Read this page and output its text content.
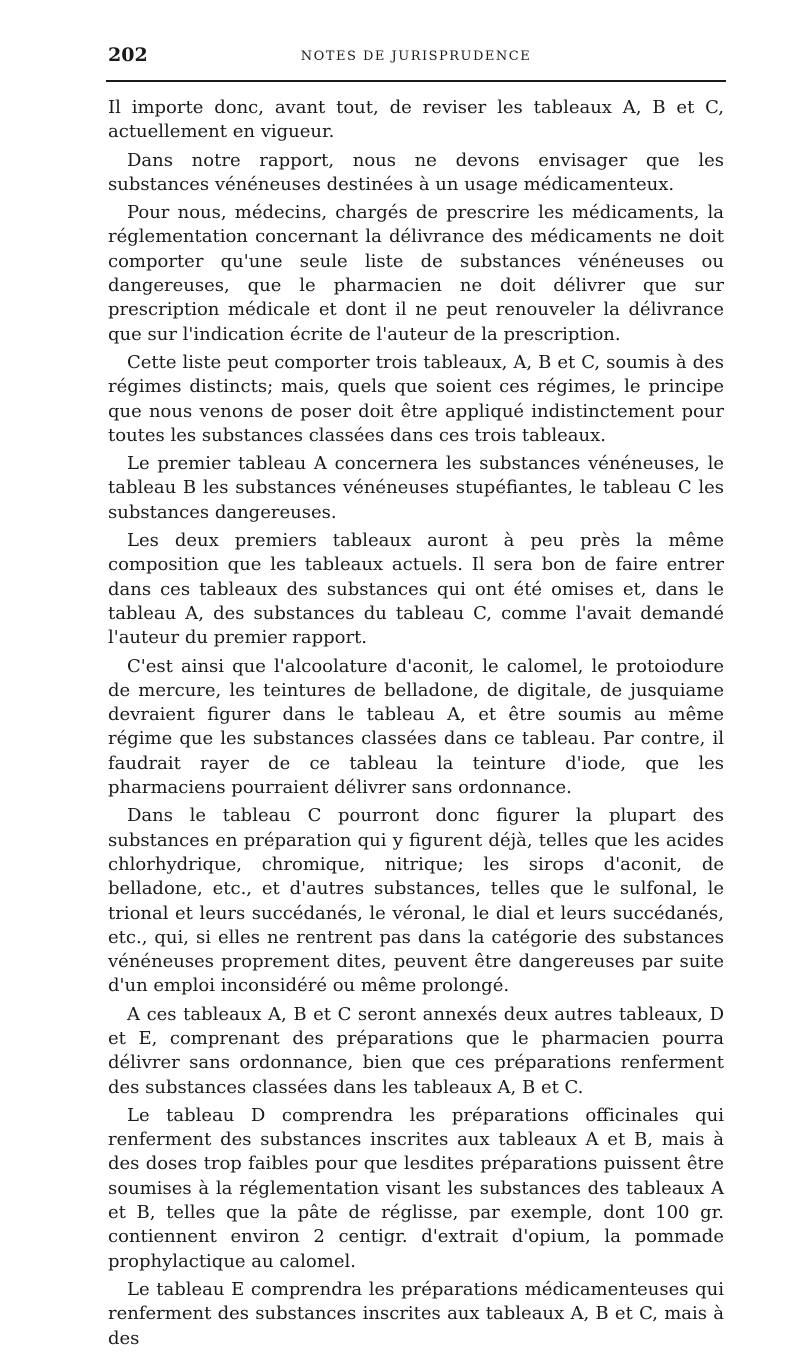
202	NOTES DE JURISPRUDENCE

Il importe donc, avant tout, de reviser les tableaux A, B et C, actuellement en vigueur.

Dans notre rapport, nous ne devons envisager que les substances vénéneuses destinées à un usage médicamenteux.

Pour nous, médecins, chargés de prescrire les médicaments, la réglementation concernant la délivrance des médicaments ne doit comporter qu'une seule liste de substances vénéneuses ou dangereuses, que le pharmacien ne doit délivrer que sur prescription médicale et dont il ne peut renouveler la délivrance que sur l'indication écrite de l'auteur de la prescription.

Cette liste peut comporter trois tableaux, A, B et C, soumis à des régimes distincts; mais, quels que soient ces régimes, le principe que nous venons de poser doit être appliqué indistinctement pour toutes les substances classées dans ces trois tableaux.

Le premier tableau A concernera les substances vénéneuses, le tableau B les substances vénéneuses stupéfiantes, le tableau C les substances dangereuses.

Les deux premiers tableaux auront à peu près la même composition que les tableaux actuels. Il sera bon de faire entrer dans ces tableaux des substances qui ont été omises et, dans le tableau A, des substances du tableau C, comme l'avait demandé l'auteur du premier rapport.

C'est ainsi que l'alcoolature d'aconit, le calomel, le protoiodure de mercure, les teintures de belladone, de digitale, de jusquiame devraient figurer dans le tableau A, et être soumis au même régime que les substances classées dans ce tableau. Par contre, il faudrait rayer de ce tableau la teinture d'iode, que les pharmaciens pourraient délivrer sans ordonnance.

Dans le tableau C pourront donc figurer la plupart des substances en préparation qui y figurent déjà, telles que les acides chlorhydrique, chromique, nitrique; les sirops d'aconit, de belladone, etc., et d'autres substances, telles que le sulfonal, le trional et leurs succédanés, le véronal, le dial et leurs succédanés, etc., qui, si elles ne rentrent pas dans la catégorie des substances vénéneuses proprement dites, peuvent être dangereuses par suite d'un emploi inconsidéré ou même prolongé.

A ces tableaux A, B et C seront annexés deux autres tableaux, D et E, comprenant des préparations que le pharmacien pourra délivrer sans ordonnance, bien que ces préparations renferment des substances classées dans les tableaux A, B et C.

Le tableau D comprendra les préparations officinales qui renferment des substances inscrites aux tableaux A et B, mais à des doses trop faibles pour que lesdites préparations puissent être soumises à la réglementation visant les substances des tableaux A et B, telles que la pâte de réglisse, par exemple, dont 100 gr. contiennent environ 2 centigr. d'extrait d'opium, la pommade prophylactique au calomel.

Le tableau E comprendra les préparations médicamenteuses qui renferment des substances inscrites aux tableaux A, B et C, mais à des
